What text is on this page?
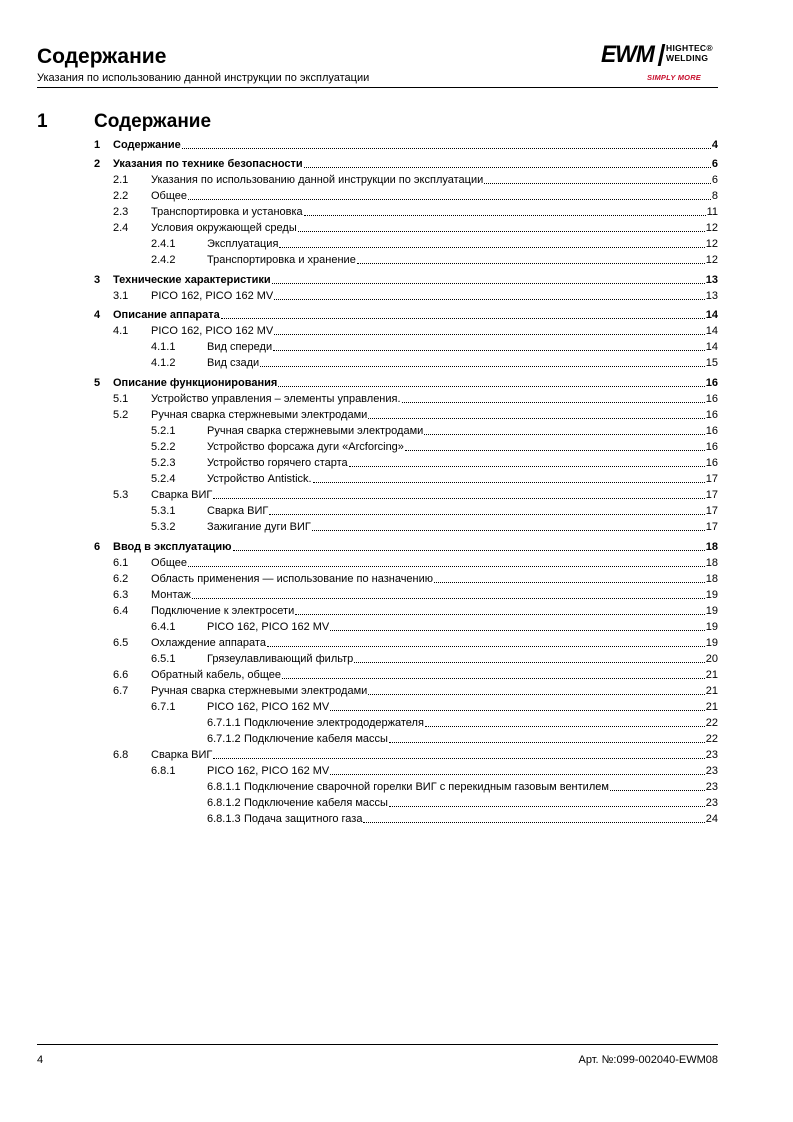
Содержание
Указания по использованию данной инструкции по эксплуатации
EWM HIGHTEC®
WELDING
SIMPLY MORE
1 Содержание
1 Содержание	4
2 Указания по технике безопасности	6
2.1 Указания по использованию данной инструкции по эксплуатации	6
2.2 Общее	8
2.3 Транспортировка и установка	11
2.4 Условия окружающей среды	12
2.4.1	Эксплуатация	12
2.4.2	Транспортировка и хранение	12
3 Технические характеристики	13
3.1 PICO 162, PICO 162 MV	13
4 Описание аппарата	14
4.1 PICO 162, PICO 162 MV	14
4.1.1	Вид спереди	14
4.1.2	Вид сзади	15
5 Описание функционирования	16
5.1 Устройство управления – элементы управления.	16
5.2 Ручная сварка стержневыми электродами	16
5.2.1	Ручная сварка стержневыми электродами	16
5.2.2	Устройство форсажа дуги «Arcforcing»	16
5.2.3	Устройство горячего старта	16
5.2.4	Устройство Antistick.	17
5.3 Сварка ВИГ	17
5.3.1	Сварка ВИГ	17
5.3.2	Зажигание дуги ВИГ	17
6 Ввод в эксплуатацию	18
6.1 Общее	18
6.2 Область применения — использование по назначению	18
6.3 Монтаж	19
6.4 Подключение к электросети	19
6.4.1	PICO 162, PICO 162 MV	19
6.5 Охлаждение аппарата	19
6.5.1	Грязеулавливающий фильтр	20
6.6 Обратный кабель, общее	21
6.7 Ручная сварка стержневыми электродами	21
6.7.1	PICO 162, PICO 162 MV	21
6.7.1.1 Подключение электрододержателя	22
6.7.1.2 Подключение кабеля массы	22
6.8 Сварка ВИГ	23
6.8.1	PICO 162, PICO 162 MV	23
6.8.1.1 Подключение сварочной горелки ВИГ с перекидным газовым вентилем	23
6.8.1.2 Подключение кабеля массы	23
6.8.1.3 Подача защитного газа	24
4	Арт. №:099-002040-EWM08
